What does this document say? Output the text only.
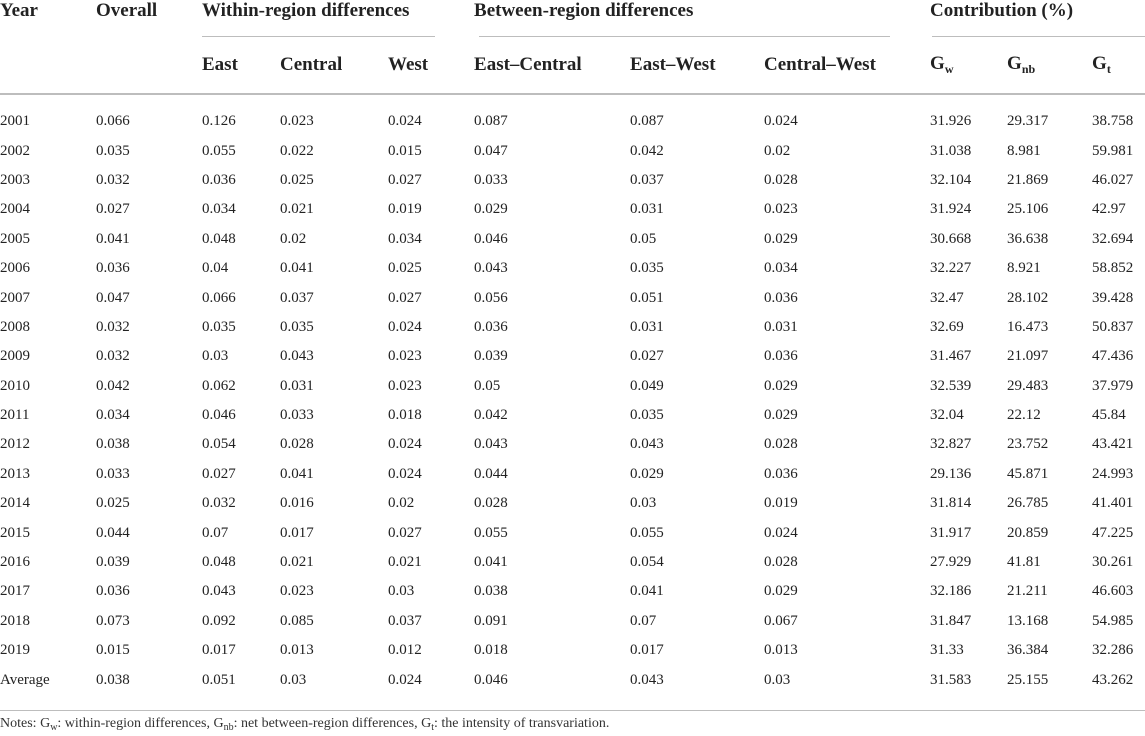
Year	Overall	Within-region differences			Between-region differences			Contribution (%)		
		East	Central	West	East–Central	East–West	Central–West	$G_w$	$G_{nb}$	$G_t$

2001	0.066	0.126	0.023	0.024	0.087	0.087	0.024	31.926	29.317	38.758
2002	0.035	0.055	0.022	0.015	0.047	0.042	0.02	31.038	8.981	59.981
2003	0.032	0.036	0.025	0.027	0.033	0.037	0.028	32.104	21.869	46.027
2004	0.027	0.034	0.021	0.019	0.029	0.031	0.023	31.924	25.106	42.97
2005	0.041	0.048	0.02	0.034	0.046	0.05	0.029	30.668	36.638	32.694
2006	0.036	0.04	0.041	0.025	0.043	0.035	0.034	32.227	8.921	58.852
2007	0.047	0.066	0.037	0.027	0.056	0.051	0.036	32.47	28.102	39.428
2008	0.032	0.035	0.035	0.024	0.036	0.031	0.031	32.69	16.473	50.837
2009	0.032	0.03	0.043	0.023	0.039	0.027	0.036	31.467	21.097	47.436
2010	0.042	0.062	0.031	0.023	0.05	0.049	0.029	32.539	29.483	37.979
2011	0.034	0.046	0.033	0.018	0.042	0.035	0.029	32.04	22.12	45.84
2012	0.038	0.054	0.028	0.024	0.043	0.043	0.028	32.827	23.752	43.421
2013	0.033	0.027	0.041	0.024	0.044	0.029	0.036	29.136	45.871	24.993
2014	0.025	0.032	0.016	0.02	0.028	0.03	0.019	31.814	26.785	41.401
2015	0.044	0.07	0.017	0.027	0.055	0.055	0.024	31.917	20.859	47.225
2016	0.039	0.048	0.021	0.021	0.041	0.054	0.028	27.929	41.81	30.261
2017	0.036	0.043	0.023	0.03	0.038	0.041	0.029	32.186	21.211	46.603
2018	0.073	0.092	0.085	0.037	0.091	0.07	0.067	31.847	13.168	54.985
2019	0.015	0.017	0.013	0.012	0.018	0.017	0.013	31.33	36.384	32.286
Average	0.038	0.051	0.03	0.024	0.046	0.043	0.03	31.583	25.155	43.262
Notes: $G_w$: within-region differences, $G_{nb}$: net between-region differences, $G_t$: the intensity of transvariation.
